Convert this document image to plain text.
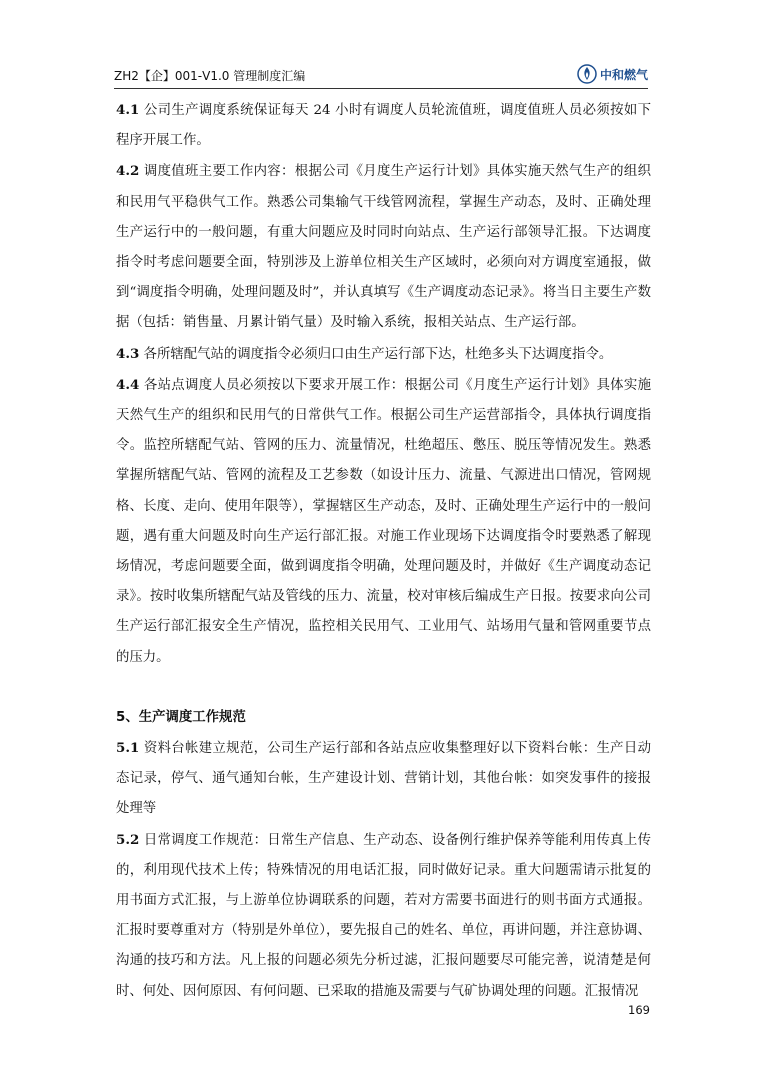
ZH2【企】001-V1.0 管理制度汇编	中和燃气

4.1 公司生产调度系统保证每天 24 小时有调度人员轮流值班，调度值班人员必须按如下程序开展工作。

4.2 调度值班主要工作内容：根据公司《月度生产运行计划》具体实施天然气生产的组织和民用气平稳供气工作。熟悉公司集输气干线管网流程，掌握生产动态，及时、正确处理生产运行中的一般问题，有重大问题应及时同时向站点、生产运行部领导汇报。下达调度指令时考虑问题要全面，特别涉及上游单位相关生产区域时，必须向对方调度室通报，做到“调度指令明确，处理问题及时”，并认真填写《生产调度动态记录》。将当日主要生产数据（包括：销售量、月累计销气量）及时输入系统，报相关站点、生产运行部。

4.3 各所辖配气站的调度指令必须归口由生产运行部下达，杜绝多头下达调度指令。

4.4 各站点调度人员必须按以下要求开展工作：根据公司《月度生产运行计划》具体实施天然气生产的组织和民用气的日常供气工作。根据公司生产运营部指令，具体执行调度指令。监控所辖配气站、管网的压力、流量情况，杜绝超压、憋压、脱压等情况发生。熟悉掌握所辖配气站、管网的流程及工艺参数（如设计压力、流量、气源进出口情况，管网规格、长度、走向、使用年限等），掌握辖区生产动态，及时、正确处理生产运行中的一般问题，遇有重大问题及时向生产运行部汇报。对施工作业现场下达调度指令时要熟悉了解现场情况，考虑问题要全面，做到调度指令明确，处理问题及时，并做好《生产调度动态记录》。按时收集所辖配气站及管线的压力、流量，校对审核后编成生产日报。按要求向公司生产运行部汇报安全生产情况，监控相关民用气、工业用气、站场用气量和管网重要节点的压力。

5、生产调度工作规范

5.1 资料台帐建立规范，公司生产运行部和各站点应收集整理好以下资料台帐：生产日动态记录，停气、通气通知台帐，生产建设计划、营销计划，其他台帐：如突发事件的接报处理等

5.2 日常调度工作规范：日常生产信息、生产动态、设备例行维护保养等能利用传真上传的，利用现代技术上传；特殊情况的用电话汇报，同时做好记录。重大问题需请示批复的用书面方式汇报，与上游单位协调联系的问题，若对方需要书面进行的则书面方式通报。汇报时要尊重对方（特别是外单位），要先报自己的姓名、单位，再讲问题，并注意协调、沟通的技巧和方法。凡上报的问题必须先分析过滤，汇报问题要尽可能完善，说清楚是何时、何处、因何原因、有何问题、已采取的措施及需要与气矿协调处理的问题。汇报情况

169
